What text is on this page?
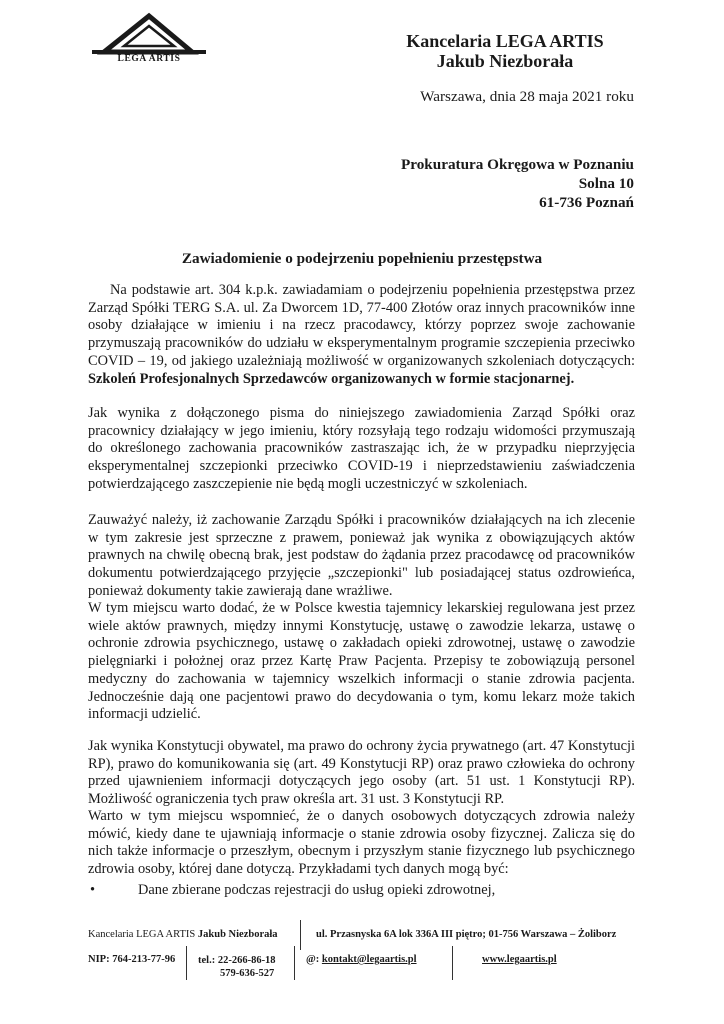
LEGA ARTIS
Kancelaria LEGA ARTIS
Jakub Niezborała
Warszawa, dnia 28 maja 2021 roku
Prokuratura Okręgowa w Poznaniu
Solna 10
61-736 Poznań
Zawiadomienie o podejrzeniu popełnieniu przestępstwa
Na podstawie art. 304 k.p.k. zawiadamiam o podejrzeniu popełnienia przestępstwa przez Zarząd Spółki TERG S.A. ul. Za Dworcem 1D, 77-400 Złotów oraz innych pracowników inne osoby działające w imieniu i na rzecz pracodawcy, którzy poprzez swoje zachowanie przymuszają pracowników do udziału w eksperymentalnym programie szczepienia przeciwko COVID – 19, od jakiego uzależniają możliwość w organizowanych szkoleniach dotyczących: Szkoleń Profesjonalnych Sprzedawców organizowanych w formie stacjonarnej.
Jak wynika z dołączonego pisma do niniejszego zawiadomienia Zarząd Spółki oraz pracownicy działający w jego imieniu, który rozsyłają tego rodzaju widomości przymuszają do określonego zachowania pracowników zastraszając ich, że w przypadku nieprzyjęcia eksperymentalnej szczepionki przeciwko COVID-19 i nieprzedstawieniu zaświadczenia potwierdzającego zaszczepienie nie będą mogli uczestniczyć w szkoleniach.
Zauważyć należy, iż zachowanie Zarządu Spółki i pracowników działających na ich zlecenie w tym zakresie jest sprzeczne z prawem, ponieważ jak wynika z obowiązujących aktów prawnych na chwilę obecną brak, jest podstaw do żądania przez pracodawcę od pracowników dokumentu potwierdzającego przyjęcie „szczepionki" lub posiadającej status ozdrowieńca, ponieważ dokumenty takie zawierają dane wrażliwe.
W tym miejscu warto dodać, że w Polsce kwestia tajemnicy lekarskiej regulowana jest przez wiele aktów prawnych, między innymi Konstytucję, ustawę o zawodzie lekarza, ustawę o ochronie zdrowia psychicznego, ustawę o zakładach opieki zdrowotnej, ustawę o zawodzie pielęgniarki i położnej oraz przez Kartę Praw Pacjenta. Przepisy te zobowiązują personel medyczny do zachowania w tajemnicy wszelkich informacji o stanie zdrowia pacjenta. Jednocześnie dają one pacjentowi prawo do decydowania o tym, komu lekarz może takich informacji udzielić.
Jak wynika Konstytucji obywatel, ma prawo do ochrony życia prywatnego (art. 47 Konstytucji RP), prawo do komunikowania się (art. 49 Konstytucji RP) oraz prawo człowieka do ochrony przed ujawnieniem informacji dotyczących jego osoby (art. 51 ust. 1 Konstytucji RP). Możliwość ograniczenia tych praw określa art. 31 ust. 3 Konstytucji RP.
Warto w tym miejscu wspomnieć, że o danych osobowych dotyczących zdrowia należy mówić, kiedy dane te ujawniają informacje o stanie zdrowia osoby fizycznej. Zalicza się do nich także informacje o przeszłym, obecnym i przyszłym stanie fizycznego lub psychicznego zdrowia osoby, której dane dotyczą. Przykładami tych danych mogą być:
•	Dane zbierane podczas rejestracji do usług opieki zdrowotnej,
Kancelaria LEGA ARTIS Jakub Niezborała	ul. Przasnyska 6A lok 336A III piętro; 01-756 Warszawa – Żoliborz
NIP: 764-213-77-96 tel.: 22-266-86-18
579-636-527
@: kontakt@legaartis.pl	www.legaartis.pl
